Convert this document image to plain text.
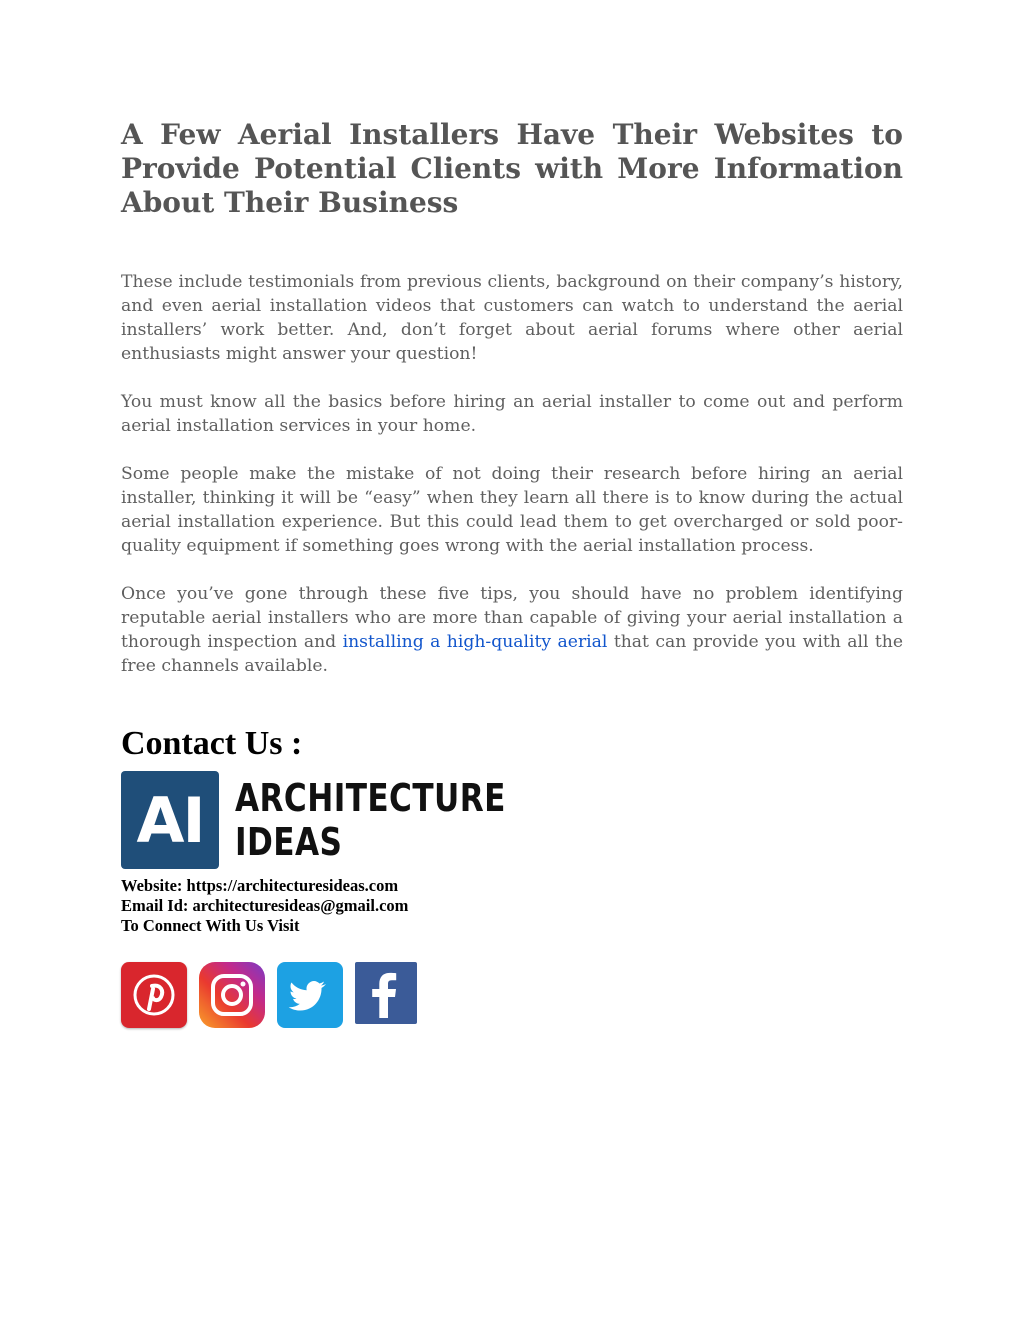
A Few Aerial Installers Have Their Websites to Provide Potential Clients with More Information About Their Business

These include testimonials from previous clients, background on their company’s history, and even aerial installation videos that customers can watch to understand the aerial installers’ work better. And, don’t forget about aerial forums where other aerial enthusiasts might answer your question!

You must know all the basics before hiring an aerial installer to come out and perform aerial installation services in your home.

Some people make the mistake of not doing their research before hiring an aerial installer, thinking it will be “easy” when they learn all there is to know during the actual aerial installation experience. But this could lead them to get overcharged or sold poor-quality equipment if something goes wrong with the aerial installation process.

Once you’ve gone through these five tips, you should have no problem identifying reputable aerial installers who are more than capable of giving your aerial installation a thorough inspection and installing a high-quality aerial that can provide you with all the free channels available.

Contact Us :
AI ARCHITECTURE
IDEAS
Website: https://architecturesideas.com
Email Id: architecturesideas@gmail.com
To Connect With Us Visit
